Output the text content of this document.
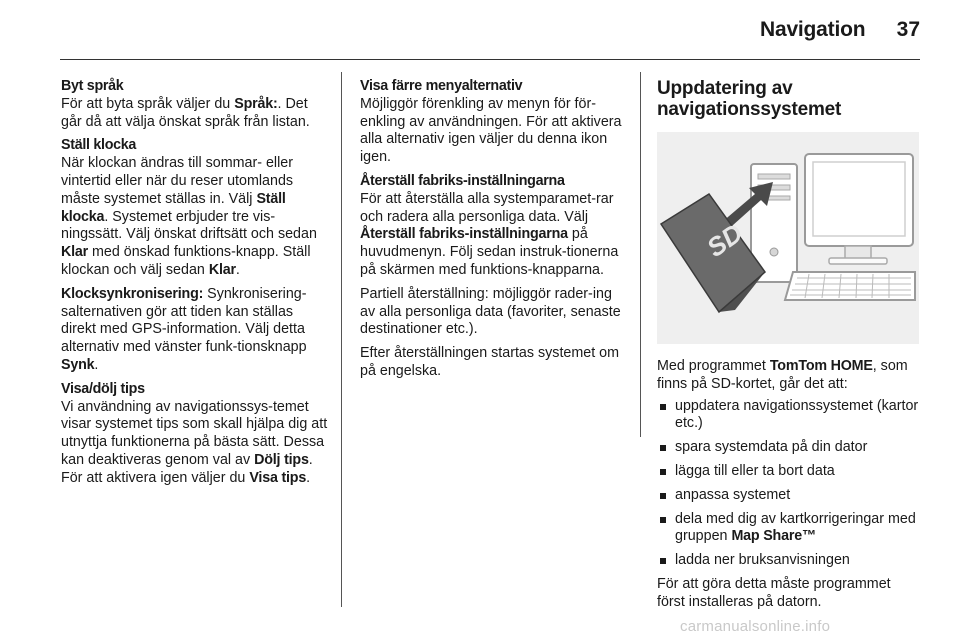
Navigation	37

Byt språk

För att byta språk väljer du Språk:. Det går då att välja önskat språk från listan.

Ställ klocka

När klockan ändras till sommar- eller vintertid eller när du reser utomlands måste systemet ställas in. Välj Ställ klocka. Systemet erbjuder tre vis-ningssätt. Välj önskat driftsätt och sedan Klar med önskad funktions-knapp. Ställ klockan och välj sedan Klar.

Klocksynkronisering: Synkronisering-salternativen gör att tiden kan ställas direkt med GPS-information. Välj detta alternativ med vänster funk-tionsknapp Synk.

Visa/dölj tips

Vi användning av navigationssys-temet visar systemet tips som skall hjälpa dig att utnyttja funktionerna på bästa sätt. Dessa kan deaktiveras genom val av Dölj tips. För att aktivera igen väljer du Visa tips.

Visa färre menyalternativ

Möjliggör förenkling av menyn för för-enkling av användningen. För att aktivera alla alternativ igen väljer du denna ikon igen.

Återställ fabriks-inställningarna

För att återställa alla systemparamet-rar och radera alla personliga data. Välj Återställ fabriks-inställningarna på huvudmenyn. Följ sedan instruk-tionerna på skärmen med funktions-knapparna.

Partiell återställning: möjliggör rader-ing av alla personliga data (favoriter, senaste destinationer etc.).

Efter återställningen startas systemet om på engelska.

Uppdatering av navigationssystemet
SD

Med programmet TomTom HOME, som finns på SD-kortet, går det att:

uppdatera navigationssystemet (kartor etc.)
spara systemdata på din dator
lägga till eller ta bort data
anpassa systemet
dela med dig av kartkorrigeringar med gruppen Map Share™
ladda ner bruksanvisningen

För att göra detta måste programmet först installeras på datorn.

carmanualsonline.info
